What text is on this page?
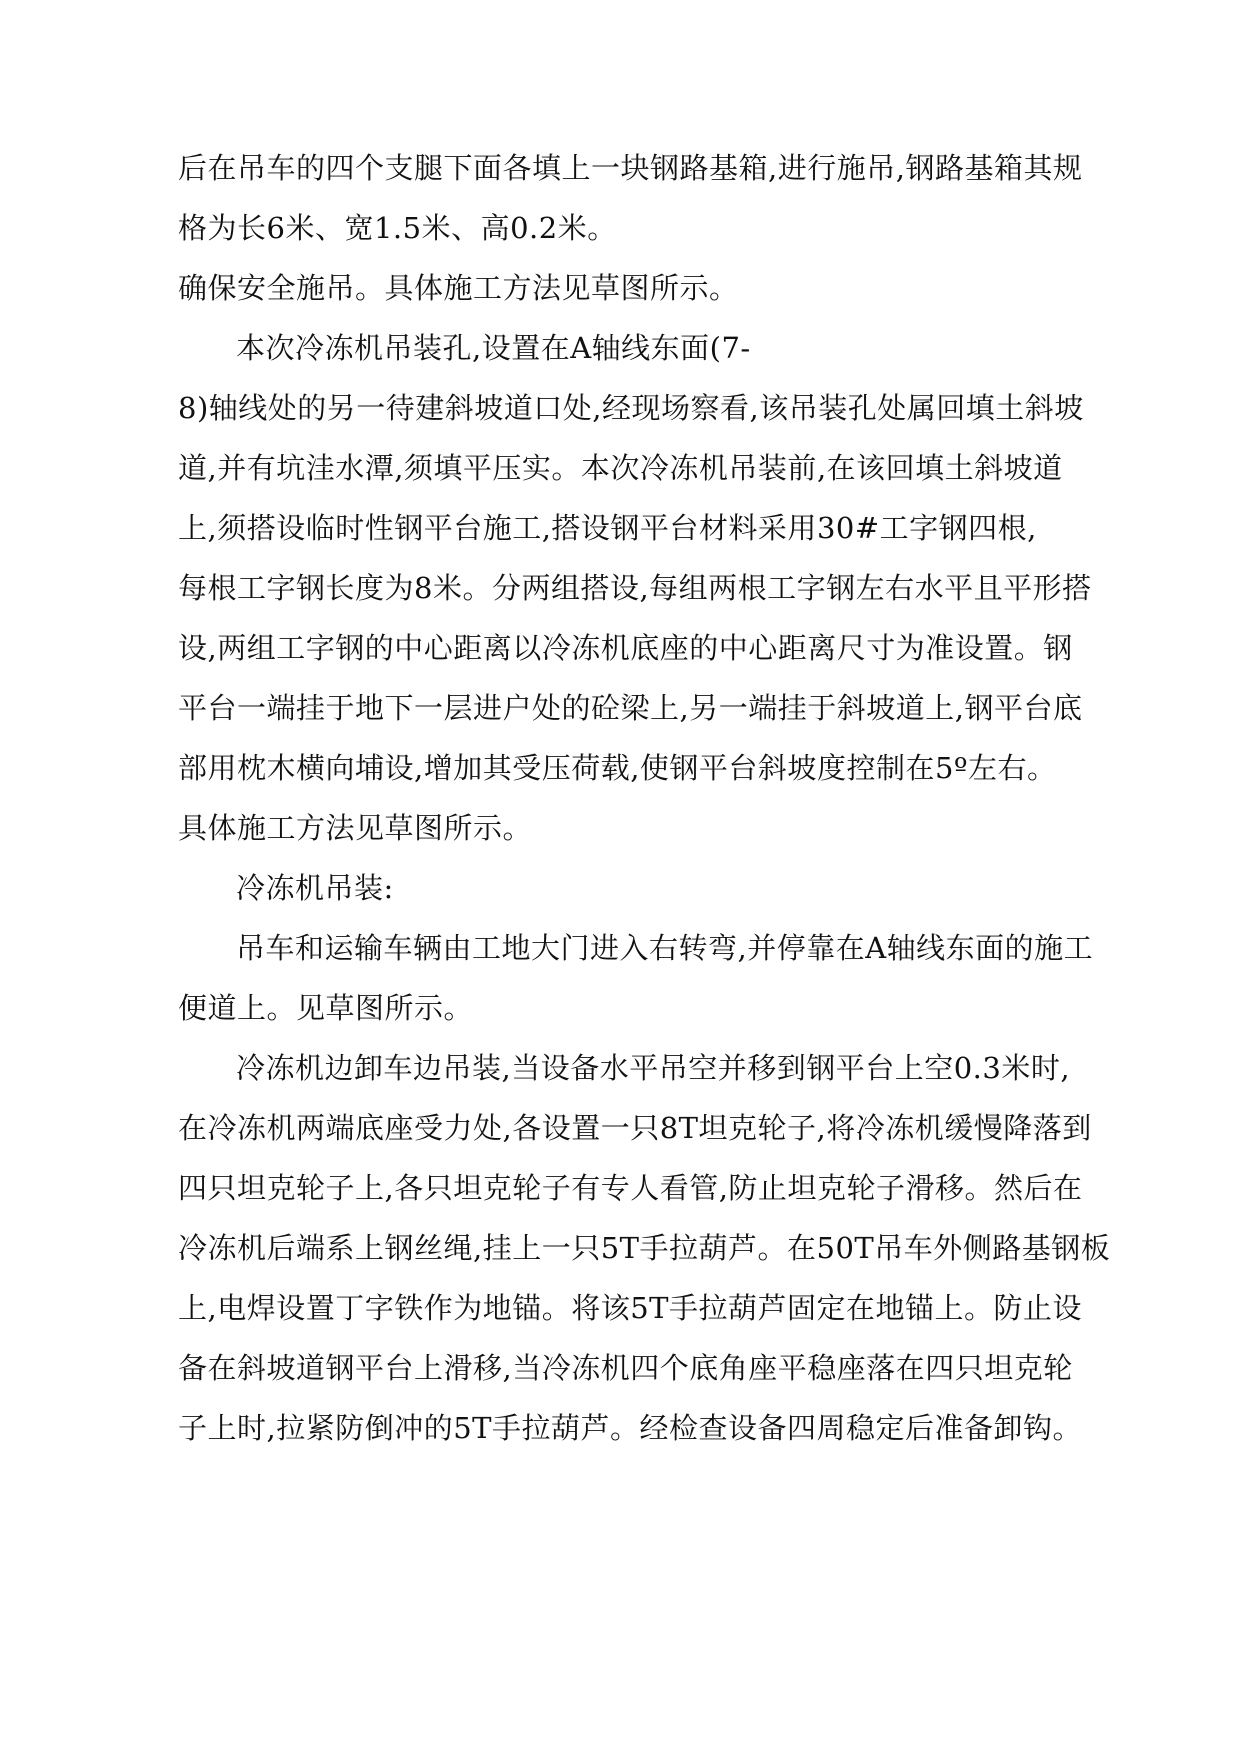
后在吊车的四个支腿下面各填上一块钢路基箱,进行施吊,钢路基箱其规
格为长6米、宽1.5米、高0.2米。
确保安全施吊。具体施工方法见草图所示。
本次冷冻机吊装孔,设置在A轴线东面(7-
8)轴线处的另一待建斜坡道口处,经现场察看,该吊装孔处属回填土斜坡
道,并有坑洼水潭,须填平压实。本次冷冻机吊装前,在该回填土斜坡道
上,须搭设临时性钢平台施工,搭设钢平台材料采用30#工字钢四根,
每根工字钢长度为8米。分两组搭设,每组两根工字钢左右水平且平形搭
设,两组工字钢的中心距离以冷冻机底座的中心距离尺寸为准设置。钢
平台一端挂于地下一层进户处的砼梁上,另一端挂于斜坡道上,钢平台底
部用枕木横向埔设,增加其受压荷载,使钢平台斜坡度控制在5º左右。
具体施工方法见草图所示。
冷冻机吊装:
吊车和运输车辆由工地大门进入右转弯,并停靠在A轴线东面的施工
便道上。见草图所示。
冷冻机边卸车边吊装,当设备水平吊空并移到钢平台上空0.3米时,
在冷冻机两端底座受力处,各设置一只8T坦克轮子,将冷冻机缓慢降落到
四只坦克轮子上,各只坦克轮子有专人看管,防止坦克轮子滑移。然后在
冷冻机后端系上钢丝绳,挂上一只5T手拉葫芦。在50T吊车外侧路基钢板
上,电焊设置丁字铁作为地锚。将该5T手拉葫芦固定在地锚上。防止设
备在斜坡道钢平台上滑移,当冷冻机四个底角座平稳座落在四只坦克轮
子上时,拉紧防倒冲的5T手拉葫芦。经检查设备四周稳定后准备卸钩。
